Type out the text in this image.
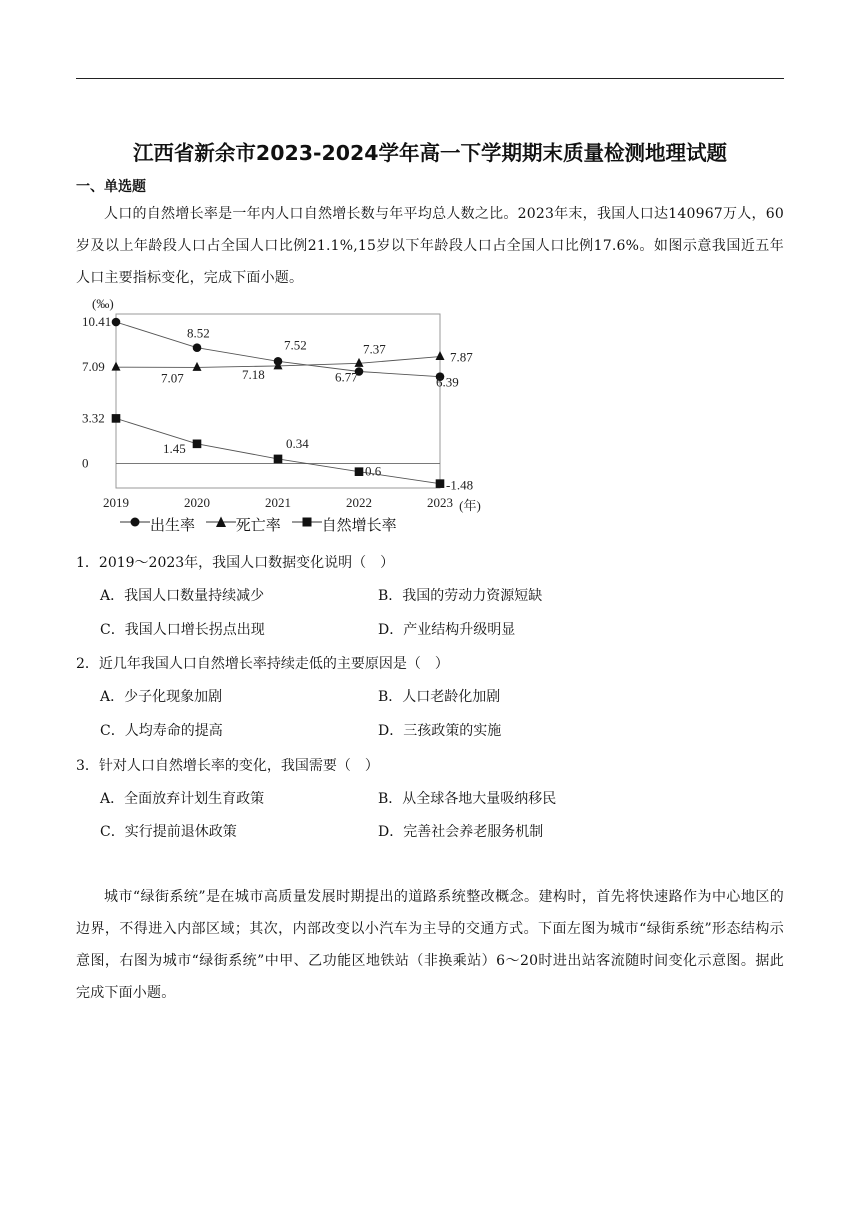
江西省新余市2023-2024学年高一下学期期末质量检测地理试题
一、单选题
人口的自然增长率是一年内人口自然增长数与年平均总人数之比。2023年末，我国人口达140967万人，60岁及以上年龄段人口占全国人口比例21.1%,15岁以下年龄段人口占全国人口比例17.6%。如图示意我国近五年人口主要指标变化，完成下面小题。
(‰)
(年)
2019	2020	2021	2022	2023
10.41
7.09
3.32
0
8.52
7.52
6.77	6.39
7.07	7.18
7.37
7.87
1.45	0.34
0.6
-1.48
出生率	死亡率	自然增长率
1．2019～2023年，我国人口数据变化说明（　）
A．我国人口数量持续减少	B．我国的劳动力资源短缺
C．我国人口增长拐点出现	D．产业结构升级明显
2．近几年我国人口自然增长率持续走低的主要原因是（　）
A．少子化现象加剧	B．人口老龄化加剧
C．人均寿命的提高	D．三孩政策的实施
3．针对人口自然增长率的变化，我国需要（　）
A．全面放弃计划生育政策	B．从全球各地大量吸纳移民
C．实行提前退休政策	D．完善社会养老服务机制
城市“绿街系统”是在城市高质量发展时期提出的道路系统整改概念。建构时，首先将快速路作为中心地区的边界，不得进入内部区域；其次，内部改变以小汽车为主导的交通方式。下面左图为城市“绿街系统”形态结构示意图，右图为城市“绿街系统”中甲、乙功能区地铁站（非换乘站）6～20时进出站客流随时间变化示意图。据此完成下面小题。
